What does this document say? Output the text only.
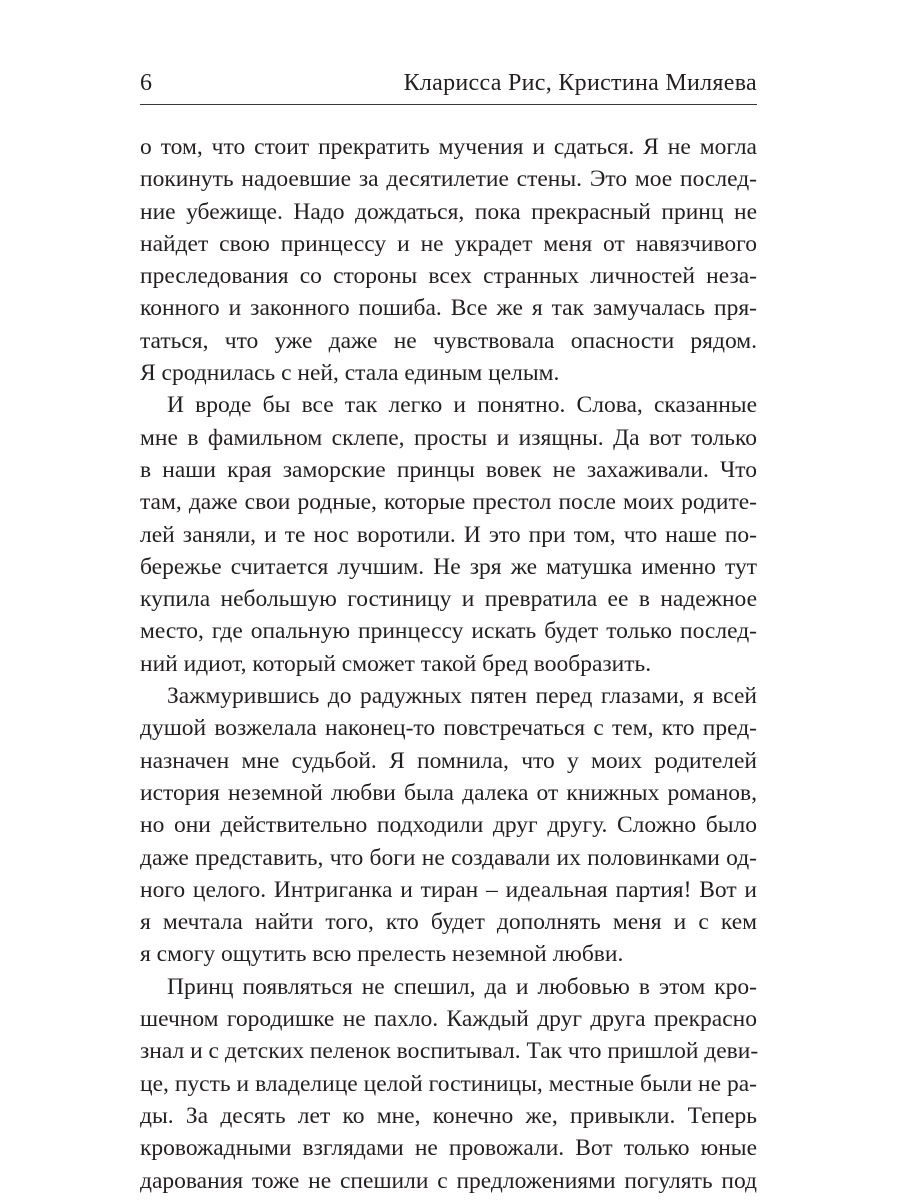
6	Кларисса Рис, Кристина Миляева
о том, что стоит прекратить мучения и сдаться. Я не могла
покинуть надоевшие за десятилетие стены. Это мое послед-
ние убежище. Надо дождаться, пока прекрасный принц не
найдет свою принцессу и не украдет меня от навязчивого
преследования со стороны всех странных личностей неза-
конного и законного пошиба. Все же я так замучалась пря-
таться, что уже даже не чувствовала опасности рядом.
Я сроднилась с ней, стала единым целым.
И вроде бы все так легко и понятно. Слова, сказанные
мне в фамильном склепе, просты и изящны. Да вот только
в наши края заморские принцы вовек не захаживали. Что
там, даже свои родные, которые престол после моих родите-
лей заняли, и те нос воротили. И это при том, что наше по-
бережье считается лучшим. Не зря же матушка именно тут
купила небольшую гостиницу и превратила ее в надежное
место, где опальную принцессу искать будет только послед-
ний идиот, который сможет такой бред вообразить.
Зажмурившись до радужных пятен перед глазами, я всей
душой возжелала наконец-то повстречаться с тем, кто пред-
назначен мне судьбой. Я помнила, что у моих родителей
история неземной любви была далека от книжных романов,
но они действительно подходили друг другу. Сложно было
даже представить, что боги не создавали их половинками од-
ного целого. Интриганка и тиран – идеальная партия! Вот и
я мечтала найти того, кто будет дополнять меня и с кем
я смогу ощутить всю прелесть неземной любви.
Принц появляться не спешил, да и любовью в этом кро-
шечном городишке не пахло. Каждый друг друга прекрасно
знал и с детских пеленок воспитывал. Так что пришлой деви-
це, пусть и владелице целой гостиницы, местные были не ра-
ды. За десять лет ко мне, конечно же, привыкли. Теперь
кровожадными взглядами не провожали. Вот только юные
дарования тоже не спешили с предложениями погулять под
